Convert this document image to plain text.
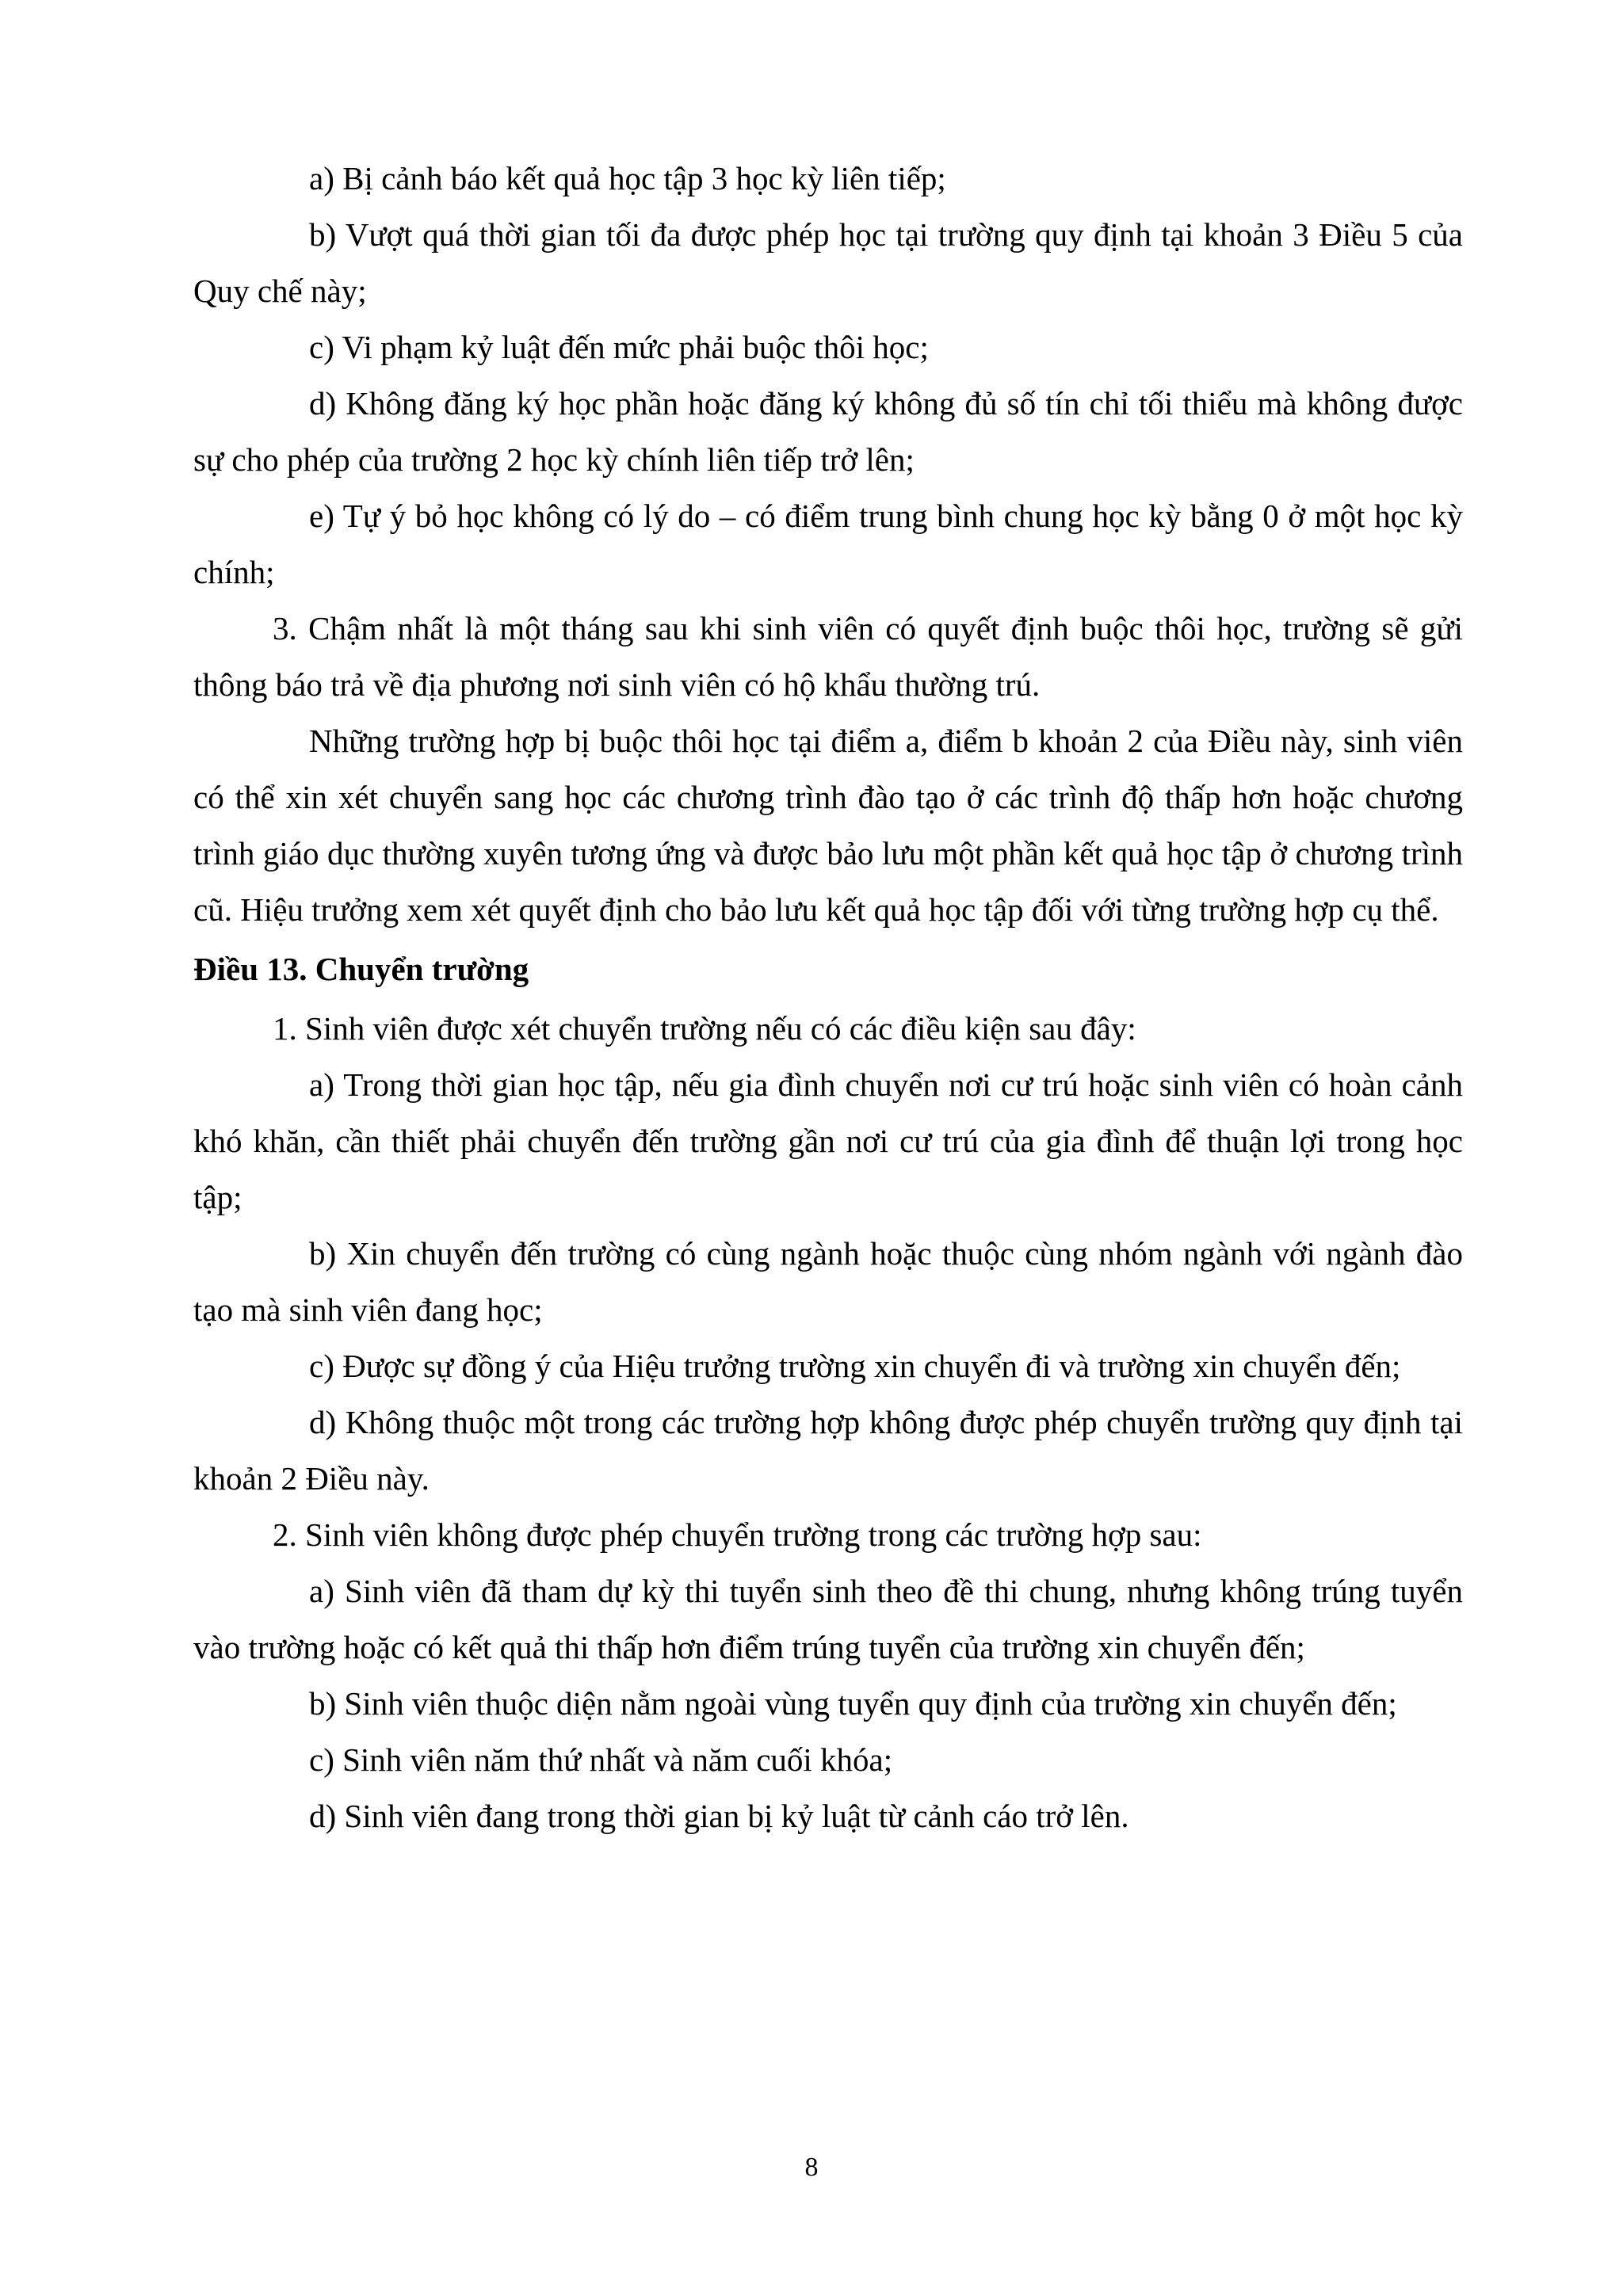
a) Bị cảnh báo kết quả học tập 3 học kỳ liên tiếp;

b) Vượt quá thời gian tối đa được phép học tại trường quy định tại khoản 3 Điều 5 của Quy chế này;

c) Vi phạm kỷ luật đến mức phải buộc thôi học;

d) Không đăng ký học phần hoặc đăng ký không đủ số tín chỉ tối thiểu mà không được sự cho phép của trường 2 học kỳ chính liên tiếp trở lên;

e) Tự ý bỏ học không có lý do – có điểm trung bình chung học kỳ bằng 0 ở một học kỳ chính;

3. Chậm nhất là một tháng sau khi sinh viên có quyết định buộc thôi học, trường sẽ gửi thông báo trả về địa phương nơi sinh viên có hộ khẩu thường trú.

Những trường hợp bị buộc thôi học tại điểm a, điểm b khoản 2 của Điều này, sinh viên có thể xin xét chuyển sang học các chương trình đào tạo ở các trình độ thấp hơn hoặc chương trình giáo dục thường xuyên tương ứng và được bảo lưu một phần kết quả học tập ở chương trình cũ. Hiệu trưởng xem xét quyết định cho bảo lưu kết quả học tập đối với từng trường hợp cụ thể.

Điều 13. Chuyển trường

1. Sinh viên được xét chuyển trường nếu có các điều kiện sau đây:

a) Trong thời gian học tập, nếu gia đình chuyển nơi cư trú hoặc sinh viên có hoàn cảnh khó khăn, cần thiết phải chuyển đến trường gần nơi cư trú của gia đình để thuận lợi trong học tập;

b) Xin chuyển đến trường có cùng ngành hoặc thuộc cùng nhóm ngành với ngành đào tạo mà sinh viên đang học;

c) Được sự đồng ý của Hiệu trưởng trường xin chuyển đi và trường xin chuyển đến;

d) Không thuộc một trong các trường hợp không được phép chuyển trường quy định tại khoản 2 Điều này.

2. Sinh viên không được phép chuyển trường trong các trường hợp sau:

a) Sinh viên đã tham dự kỳ thi tuyển sinh theo đề thi chung, nhưng không trúng tuyển vào trường hoặc có kết quả thi thấp hơn điểm trúng tuyển của trường xin chuyển đến;

b) Sinh viên thuộc diện nằm ngoài vùng tuyển quy định của trường xin chuyển đến;

c) Sinh viên năm thứ nhất và năm cuối khóa;

d) Sinh viên đang trong thời gian bị kỷ luật từ cảnh cáo trở lên.

8
